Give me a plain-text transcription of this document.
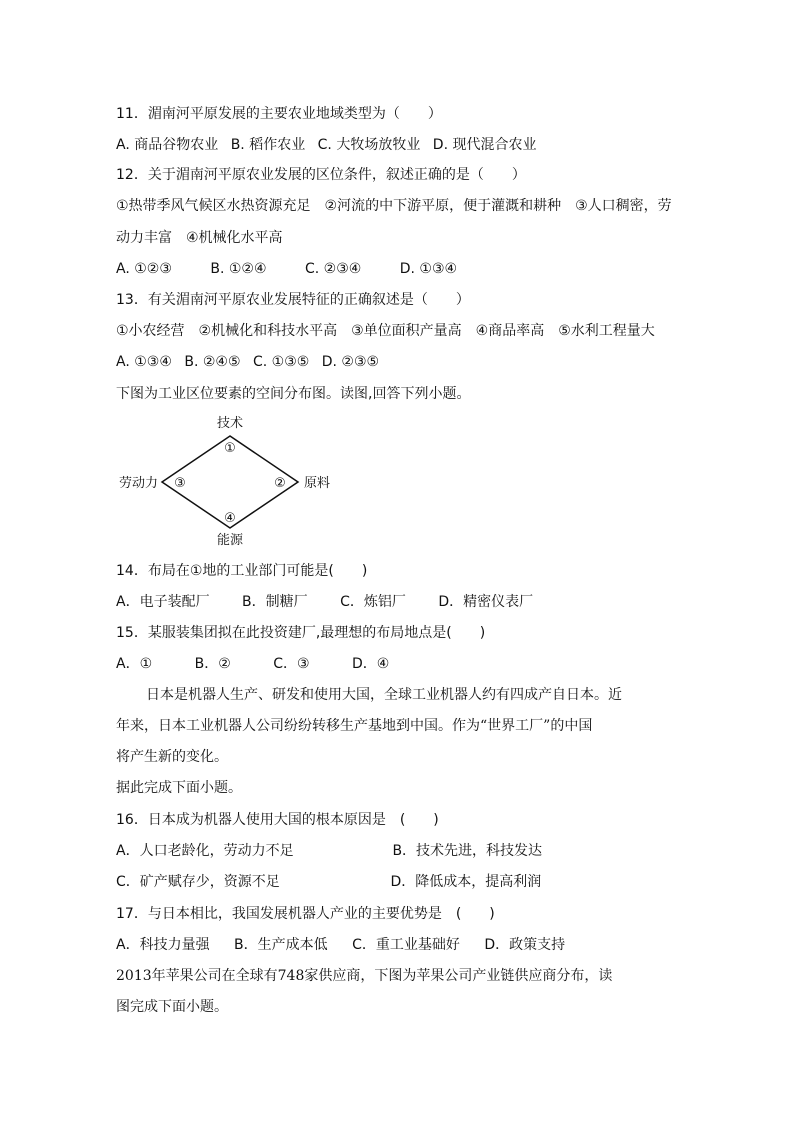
11．湄南河平原发展的主要农业地域类型为（　　）
A. 商品谷物农业 B. 稻作农业 C. 大牧场放牧业 D. 现代混合农业
12．关于湄南河平原农业发展的区位条件，叙述正确的是（　　）
①热带季风气候区水热资源充足　②河流的中下游平原，便于灌溉和耕种　③人口稠密，劳
动力丰富　④机械化水平高
A. ①②③	B. ①②④	C. ②③④	D. ①③④
13．有关湄南河平原农业发展特征的正确叙述是（　　）
①小农经营　②机械化和科技水平高　③单位面积产量高　④商品率高　⑤水利工程量大
A. ①③④ B. ②④⑤ C. ①③⑤ D. ②③⑤
下图为工业区位要素的空间分布图。读图,回答下列小题。
技术
①
② 原料
③
劳动力
④
能源
14．布局在①地的工业部门可能是(　　)
A．电子装配厂 B．制糖厂 C．炼铝厂 D．精密仪表厂
15．某服装集团拟在此投资建厂,最理想的布局地点是(　　)
A．①	B．②	C．③	D．④
日本是机器人生产、研发和使用大国，全球工业机器人约有四成产自日本。近
年来，日本工业机器人公司纷纷转移生产基地到中国。作为“世界工厂”的中国
将产生新的变化。
据此完成下面小题。
16．日本成为机器人使用大国的根本原因是　(　　)
A．人口老龄化，劳动力不足	B．技术先进，科技发达
C．矿产赋存少，资源不足	D．降低成本，提高利润
17．与日本相比，我国发展机器人产业的主要优势是　(　　)
A．科技力量强 B．生产成本低 C．重工业基础好 D．政策支持
2013年苹果公司在全球有748家供应商，下图为苹果公司产业链供应商分布，读
图完成下面小题。
